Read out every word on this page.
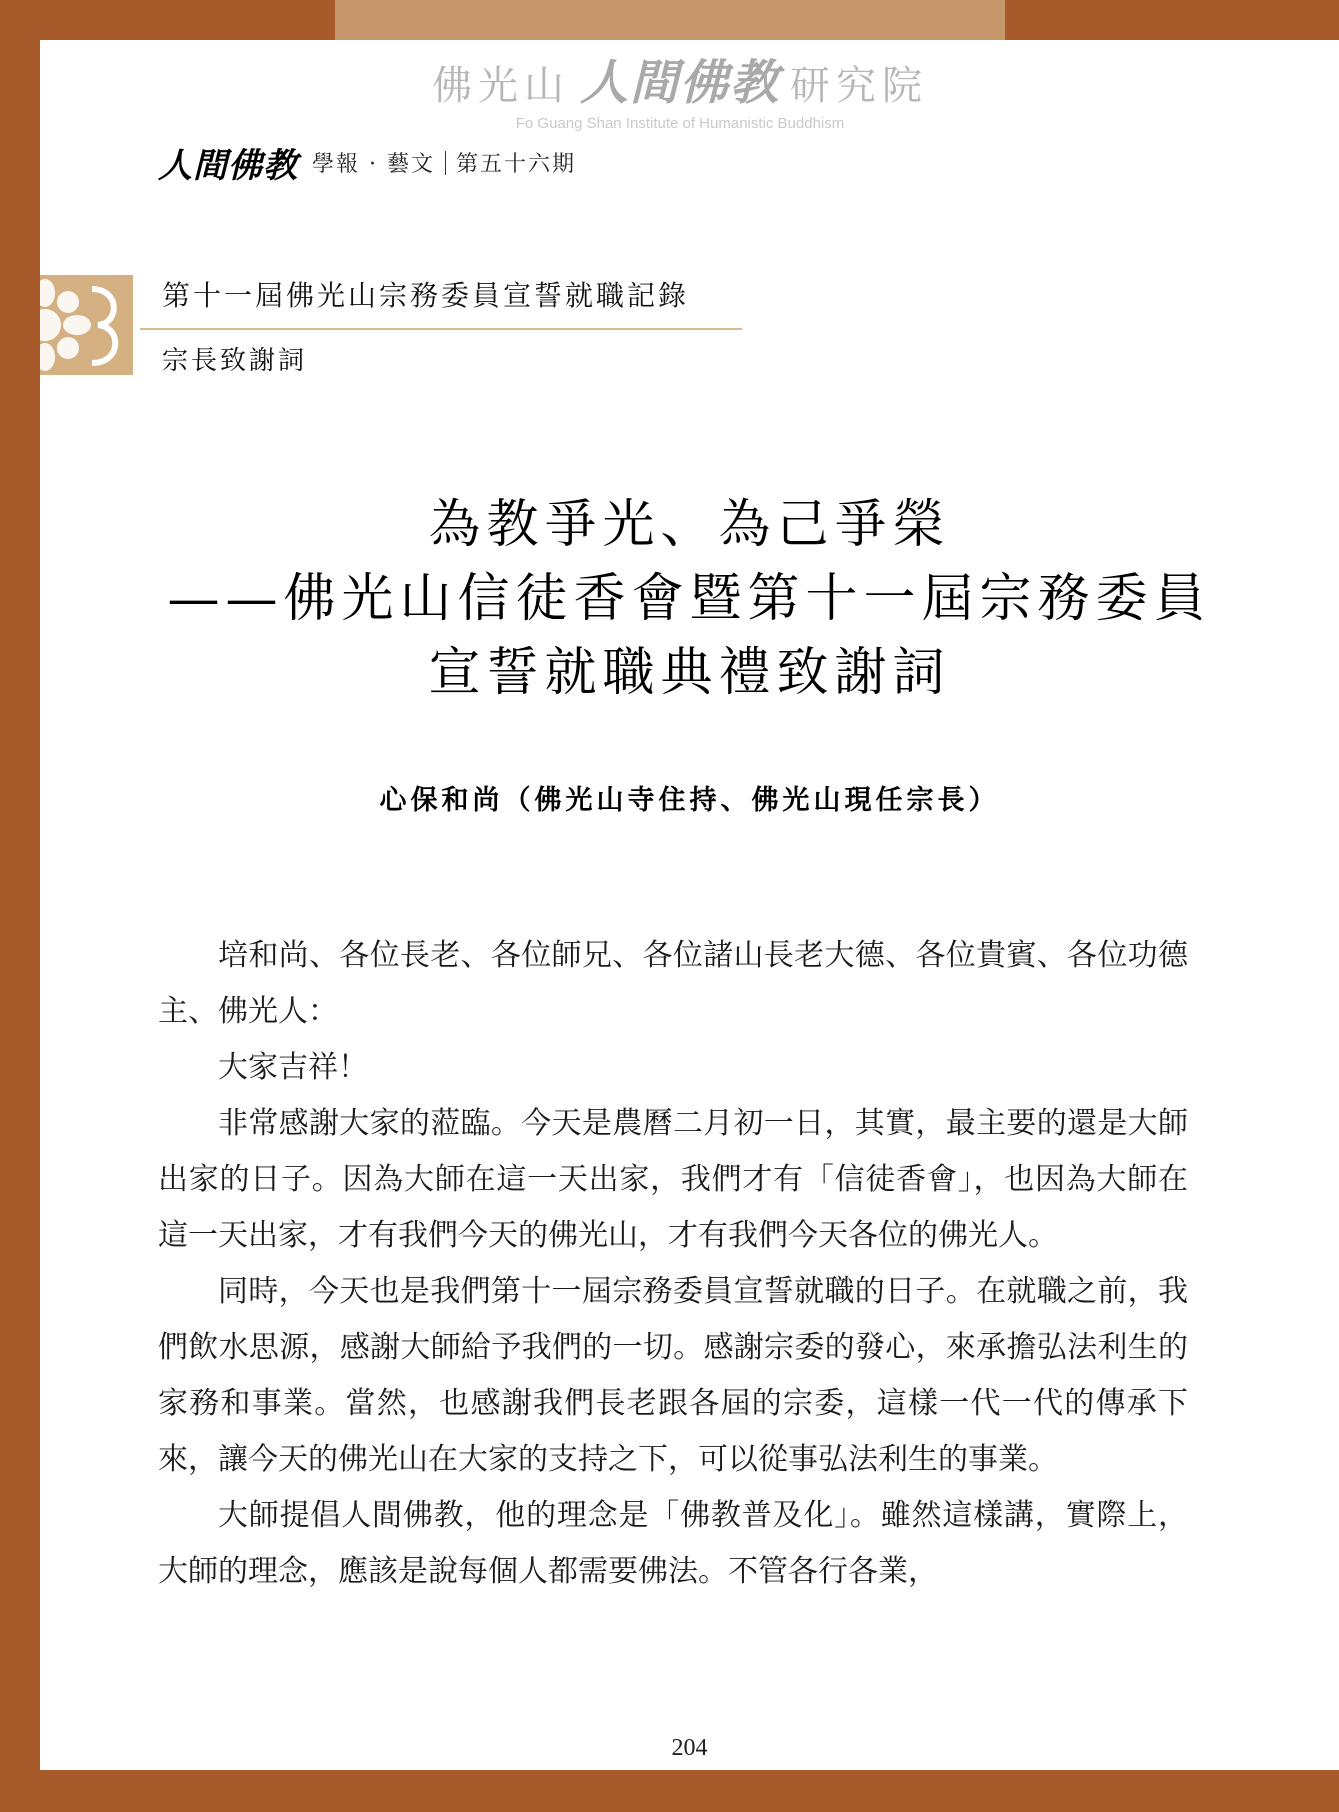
佛光山 人間佛教 研究院
Fo Guang Shan Institute of Humanistic Buddhism
人間佛教 學報 · 藝文 第五十六期
第十一屆佛光山宗務委員宣誓就職記錄
宗長致謝詞
為教爭光、為己爭榮
——佛光山信徒香會暨第十一屆宗務委員
宣誓就職典禮致謝詞
心保和尚（佛光山寺住持、佛光山現任宗長）

培和尚、各位長老、各位師兄、各位諸山長老大德、各位貴賓、各位功德主、佛光人：

大家吉祥！

非常感謝大家的蒞臨。今天是農曆二月初一日，其實，最主要的還是大師出家的日子。因為大師在這一天出家，我們才有「信徒香會」，也因為大師在這一天出家，才有我們今天的佛光山，才有我們今天各位的佛光人。

同時，今天也是我們第十一屆宗務委員宣誓就職的日子。在就職之前，我們飲水思源，感謝大師給予我們的一切。感謝宗委的發心，來承擔弘法利生的家務和事業。當然，也感謝我們長老跟各屆的宗委，這樣一代一代的傳承下來，讓今天的佛光山在大家的支持之下，可以從事弘法利生的事業。

大師提倡人間佛教，他的理念是「佛教普及化」。雖然這樣講，實際上，大師的理念，應該是說每個人都需要佛法。不管各行各業，

204
